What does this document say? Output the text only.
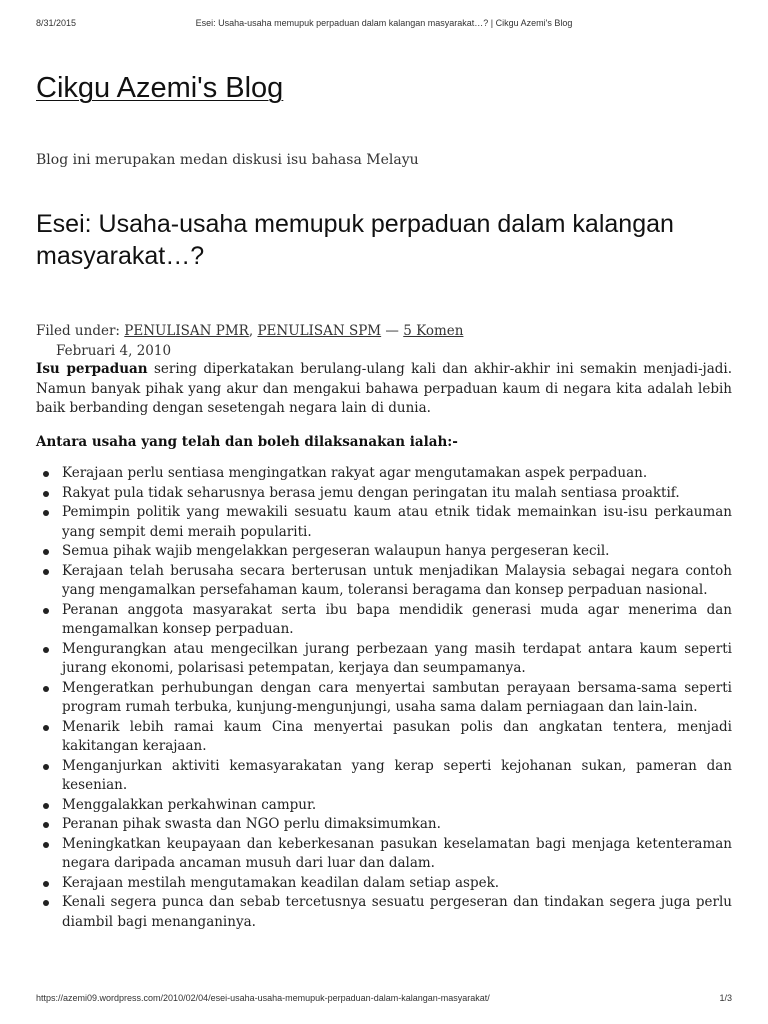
8/31/2015	Esei: Usaha-usaha memupuk perpaduan dalam kalangan masyarakat…? | Cikgu Azemi's Blog
Cikgu Azemi's Blog
Blog ini merupakan medan diskusi isu bahasa Melayu
Esei: Usaha-usaha memupuk perpaduan dalam kalangan masyarakat…?
Filed under: PENULISAN PMR, PENULISAN SPM — 5 Komen
Februari 4, 2010

Isu perpaduan sering diperkatakan berulang-ulang kali dan akhir-akhir ini semakin menjadi-jadi. Namun banyak pihak yang akur dan mengakui bahawa perpaduan kaum di negara kita adalah lebih baik berbanding dengan sesetengah negara lain di dunia.

Antara usaha yang telah dan boleh dilaksanakan ialah:-

Kerajaan perlu sentiasa mengingatkan rakyat agar mengutamakan aspek perpaduan.
Rakyat pula tidak seharusnya berasa jemu dengan peringatan itu malah sentiasa proaktif.
Pemimpin politik yang mewakili sesuatu kaum atau etnik tidak memainkan isu-isu perkauman yang sempit demi meraih populariti.
Semua pihak wajib mengelakkan pergeseran walaupun hanya pergeseran kecil.
Kerajaan telah berusaha secara berterusan untuk menjadikan Malaysia sebagai negara contoh yang mengamalkan persefahaman kaum, toleransi beragama dan konsep perpaduan nasional.
Peranan anggota masyarakat serta ibu bapa mendidik generasi muda agar menerima dan mengamalkan konsep perpaduan.
Mengurangkan atau mengecilkan jurang perbezaan yang masih terdapat antara kaum seperti jurang ekonomi, polarisasi petempatan, kerjaya dan seumpamanya.
Mengeratkan perhubungan dengan cara menyertai sambutan perayaan bersama-sama seperti program rumah terbuka, kunjung-mengunjungi, usaha sama dalam perniagaan dan lain-lain.
Menarik lebih ramai kaum Cina menyertai pasukan polis dan angkatan tentera, menjadi kakitangan kerajaan.
Menganjurkan aktiviti kemasyarakatan yang kerap seperti kejohanan sukan, pameran dan kesenian.
Menggalakkan perkahwinan campur.
Peranan pihak swasta dan NGO perlu dimaksimumkan.
Meningkatkan keupayaan dan keberkesanan pasukan keselamatan bagi menjaga ketenteraman negara daripada ancaman musuh dari luar dan dalam.
Kerajaan mestilah mengutamakan keadilan dalam setiap aspek.
Kenali segera punca dan sebab tercetusnya sesuatu pergeseran dan tindakan segera juga perlu diambil bagi menanganinya.
https://azemi09.wordpress.com/2010/02/04/esei-usaha-usaha-memupuk-perpaduan-dalam-kalangan-masyarakat/	1/3
